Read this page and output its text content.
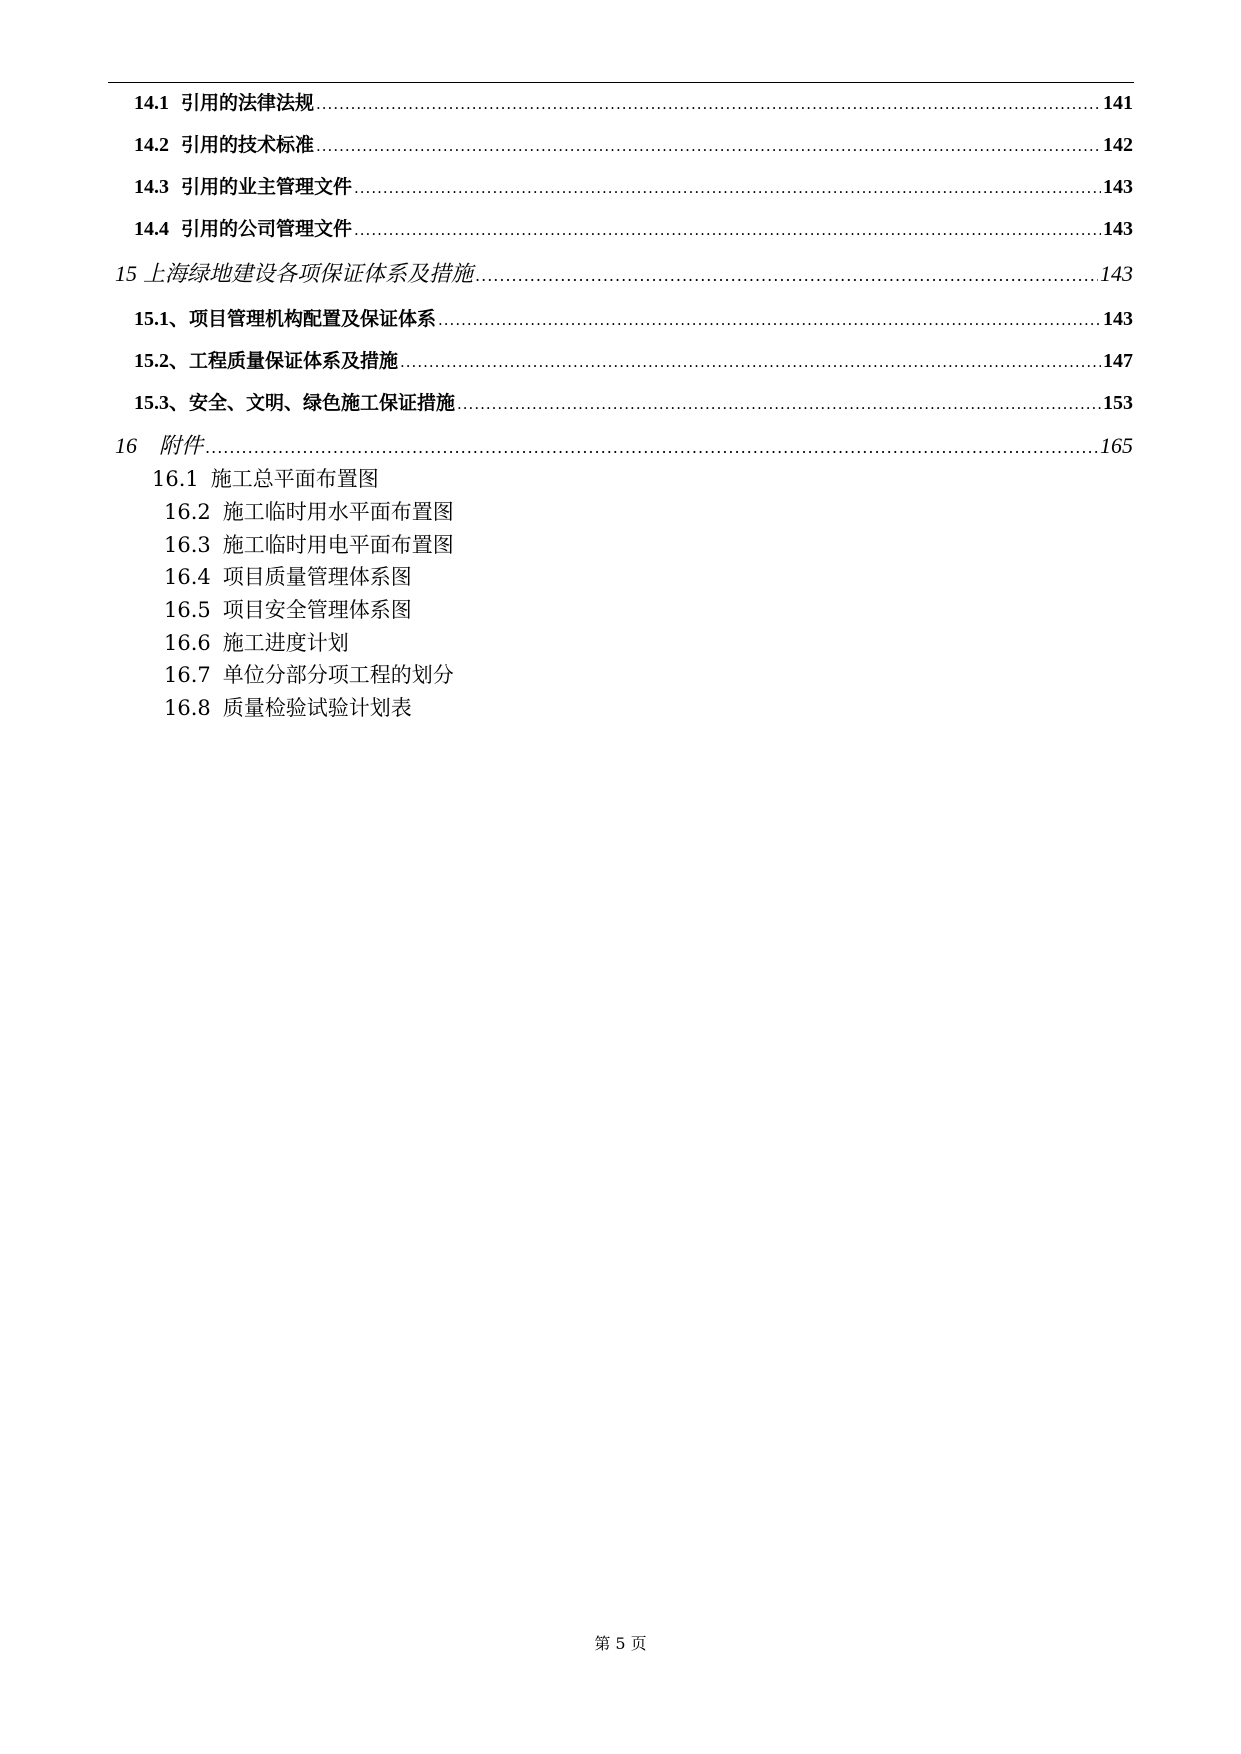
14.1 引用的法律法规 .....	141
14.2 引用的技术标准 .....	142
14.3 引用的业主管理文件 .....	143
14.4 引用的公司管理文件 .....	143
15 上海绿地建设各项保证体系及措施 .....	143
15.1、 项目管理机构配置及保证体系 .....	143
15.2、 工程质量保证体系及措施 .....	147
15.3、 安全、文明、绿色施工保证措施 .....	153
16 附件 .....	165
16.1 施工总平面布置图
16.2 施工临时用水平面布置图
16.3 施工临时用电平面布置图
16.4 项目质量管理体系图
16.5 项目安全管理体系图
16.6 施工进度计划
16.7 单位分部分项工程的划分
16.8 质量检验试验计划表
第 5 页
